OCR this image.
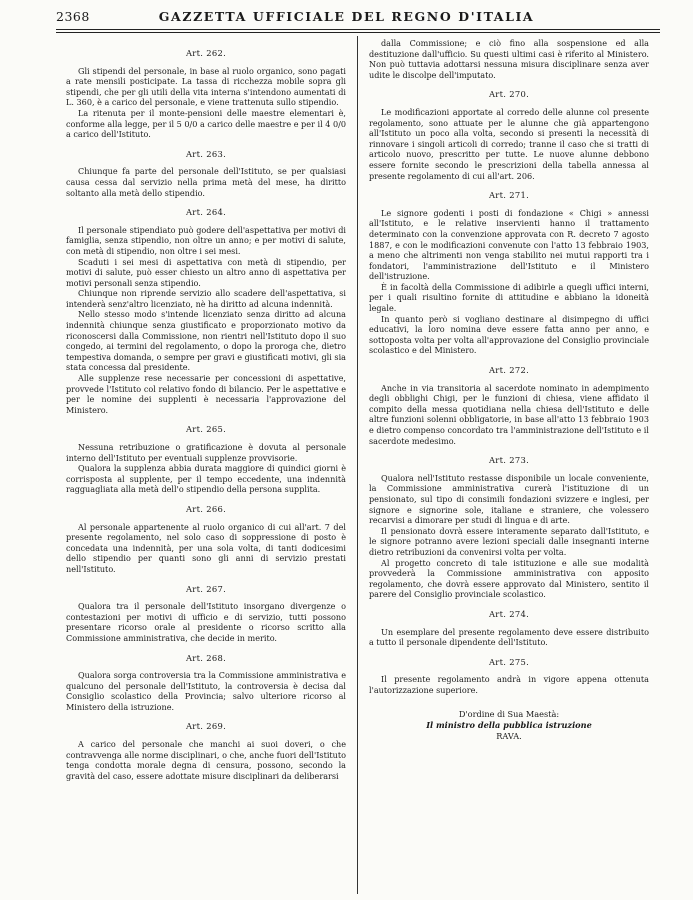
2368	GAZZETTA UFFICIALE DEL REGNO D'ITALIA
Art. 262.

Gli stipendi del personale, in base al ruolo organico, sono pagati a rate mensili posticipate. La tassa di ricchezza mobile sopra gli stipendi, che per gli utili della vita interna s'intendono aumentati di L. 360, è a carico del personale, e viene trattenuta sullo stipendio.

La ritenuta per il monte-pensioni delle maestre elementari è, conforme alla legge, per il 5 0/0 a carico delle maestre e per il 4 0/0 a carico dell'Istituto.

Art. 263.

Chiunque fa parte del personale dell'Istituto, se per qualsiasi causa cessa dal servizio nella prima metà del mese, ha diritto soltanto alla metà dello stipendio.

Art. 264.

Il personale stipendiato può godere dell'aspettativa per motivi di famiglia, senza stipendio, non oltre un anno; e per motivi di salute, con metà di stipendio, non oltre i sei mesi.

Scaduti i sei mesi di aspettativa con metà di stipendio, per motivi di salute, può esser chiesto un altro anno di aspettativa per motivi personali senza stipendio.

Chiunque non riprende servizio allo scadere dell'aspettativa, si intenderà senz'altro licenziato, nè ha diritto ad alcuna indennità.

Nello stesso modo s'intende licenziato senza diritto ad alcuna indennità chiunque senza giustificato e proporzionato motivo da riconoscersi dalla Commissione, non rientri nell'Istituto dopo il suo congedo, ai termini del regolamento, o dopo la proroga che, dietro tempestiva domanda, o sempre per gravi e giustificati motivi, gli sia stata concessa dal presidente.

Alle supplenze rese necessarie per concessioni di aspettative, provvede l'Istituto col relativo fondo di bilancio. Per le aspettative e per le nomine dei supplenti è necessaria l'approvazione del Ministero.

Art. 265.

Nessuna retribuzione o gratificazione è dovuta al personale interno dell'Istituto per eventuali supplenze provvisorie.

Qualora la supplenza abbia durata maggiore di quindici giorni è corrisposta al supplente, per il tempo eccedente, una indennità ragguagliata alla metà dell'o stipendio della persona supplita.

Art. 266.

Al personale appartenente al ruolo organico di cui all'art. 7 del presente regolamento, nel solo caso di soppressione di posto è concedata una indennità, per una sola volta, di tanti dodicesimi dello stipendio per quanti sono gli anni di servizio prestati nell'Istituto.

Art. 267.

Qualora tra il personale dell'Istituto insorgano divergenze o contestazioni per motivi di ufficio e di servizio, tutti possono presentare ricorso orale al presidente o ricorso scritto alla Commissione amministrativa, che decide in merito.

Art. 268.

Qualora sorga controversia tra la Commissione amministrativa e qualcuno del personale dell'Istituto, la controversia è decisa dal Consiglio scolastico della Provincia; salvo ulteriore ricorso al Ministero della istruzione.

Art. 269.

A carico del personale che manchi ai suoi doveri, o che contravvenga alle norme disciplinari, o che, anche fuori dell'Istituto tenga condotta morale degna di censura, possono, secondo la gravità del caso, essere adottate misure disciplinari da deliberarsi

dalla Commissione; e ciò fino alla sospensione ed alla destituzione dall'ufficio. Su questi ultimi casi è riferito al Ministero. Non può tuttavia adottarsi nessuna misura disciplinare senza aver udite le discolpe dell'imputato.

Art. 270.

Le modificazioni apportate al corredo delle alunne col presente regolamento, sono attuate per le alunne che già appartengono all'Istituto un poco alla volta, secondo si presenti la necessità di rinnovare i singoli articoli di corredo; tranne il caso che si tratti di articolo nuovo, prescritto per tutte. Le nuove alunne debbono essere fornite secondo le prescrizioni della tabella annessa al presente regolamento di cui all'art. 206.

Art. 271.

Le signore godenti i posti di fondazione « Chigi » annessi all'Istituto, e le relative inservienti hanno il trattamento determinato con la convenzione approvata con R. decreto 7 agosto 1887, e con le modificazioni convenute con l'atto 13 febbraio 1903, a meno che altrimenti non venga stabilito nei mutui rapporti tra i fondatori, l'amministrazione dell'Istituto e il Ministero dell'istruzione.

È in facoltà della Commissione di adibirle a quegli uffici interni, per i quali risultino fornite di attitudine e abbiano la idoneità legale.

In quanto però si vogliano destinare al disimpegno di uffici educativi, la loro nomina deve essere fatta anno per anno, e sottoposta volta per volta all'approvazione del Consiglio provinciale scolastico e del Ministero.

Art. 272.

Anche in via transitoria al sacerdote nominato in adempimento degli obblighi Chigi, per le funzioni di chiesa, viene affidato il compito della messa quotidiana nella chiesa dell'Istituto e delle altre funzioni solenni obbligatorie, in base all'atto 13 febbraio 1903 e dietro compenso concordato tra l'amministrazione dell'Istituto e il sacerdote medesimo.

Art. 273.

Qualora nell'Istituto restasse disponibile un locale conveniente, la Commissione amministrativa curerà l'istituzione di un pensionato, sul tipo di consimili fondazioni svizzere e inglesi, per signore e signorine sole, italiane e straniere, che volessero recarvisi a dimorare per studi di lingua e di arte.

Il pensionato dovrà essere interamente separato dall'Istituto, e le signore potranno avere lezioni speciali dalle insegnanti interne dietro retribuzioni da convenirsi volta per volta.

Al progetto concreto di tale istituzione e alle sue modalità provvederà la Commissione amministrativa con apposito regolamento, che dovrà essere approvato dal Ministero, sentito il parere del Consiglio provinciale scolastico.

Art. 274.

Un esemplare del presente regolamento deve essere distribuito a tutto il personale dipendente dell'Istituto.

Art. 275.

Il presente regolamento andrà in vigore appena ottenuta l'autorizzazione superiore.

D'ordine di Sua Maestà:

Il ministro della pubblica istruzione

RAVA.
